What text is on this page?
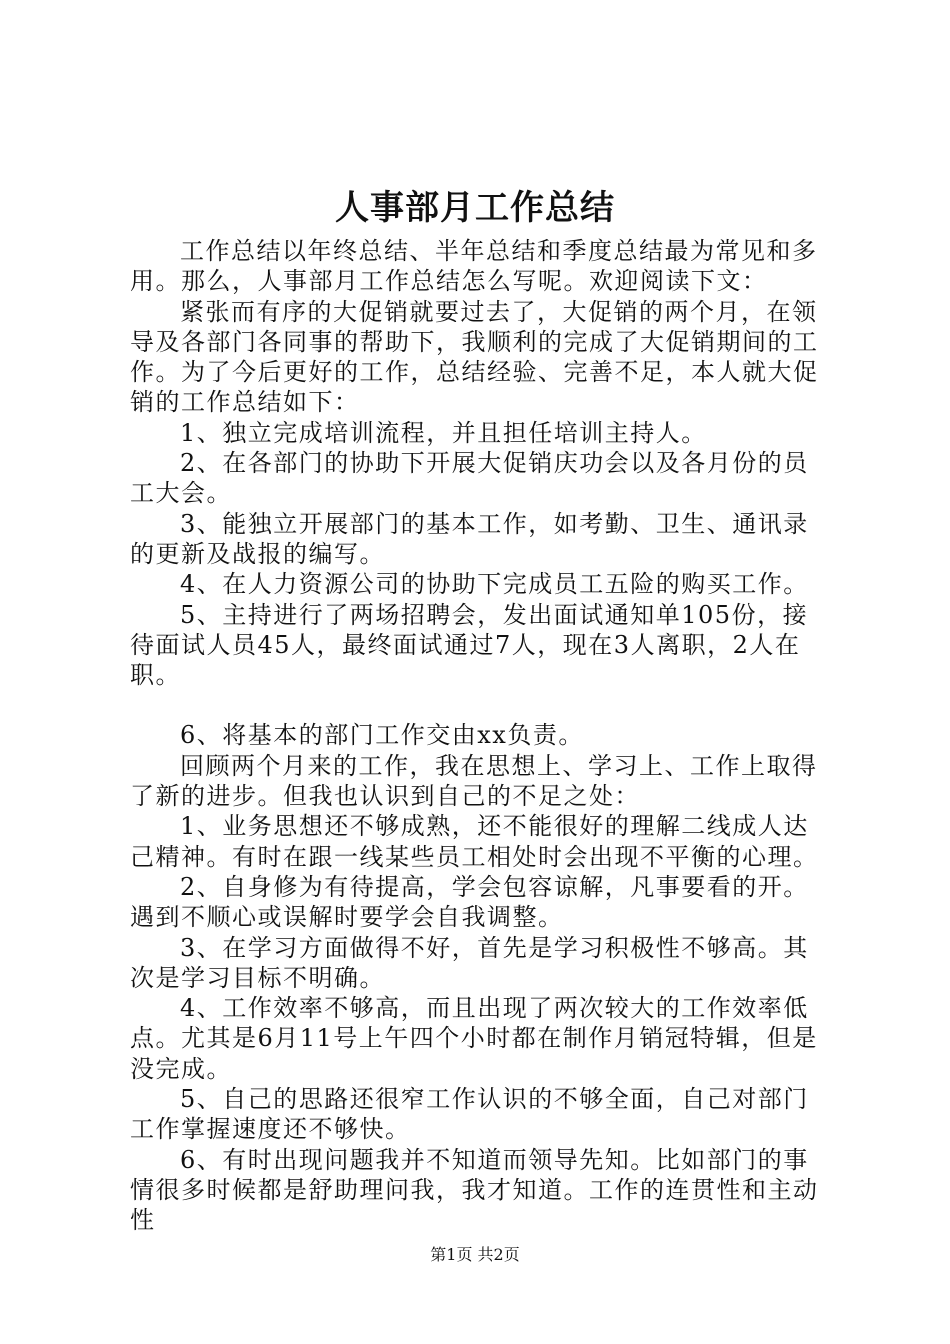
人事部月工作总结

工作总结以年终总结、半年总结和季度总结最为常见和多用。那么，人事部月工作总结怎么写呢。欢迎阅读下文：

紧张而有序的大促销就要过去了，大促销的两个月，在领导及各部门各同事的帮助下，我顺利的完成了大促销期间的工作。为了今后更好的工作，总结经验、完善不足，本人就大促销的工作总结如下：

1、独立完成培训流程，并且担任培训主持人。

2、在各部门的协助下开展大促销庆功会以及各月份的员工大会。

3、能独立开展部门的基本工作，如考勤、卫生、通讯录的更新及战报的编写。

4、在人力资源公司的协助下完成员工五险的购买工作。

5、主持进行了两场招聘会，发出面试通知单105份，接待面试人员45人，最终面试通过7人，现在3人离职，2人在职。

6、将基本的部门工作交由xx负责。

回顾两个月来的工作，我在思想上、学习上、工作上取得了新的进步。但我也认识到自己的不足之处：

1、业务思想还不够成熟，还不能很好的理解二线成人达己精神。有时在跟一线某些员工相处时会出现不平衡的心理。

2、自身修为有待提高，学会包容谅解，凡事要看的开。遇到不顺心或误解时要学会自我调整。

3、在学习方面做得不好，首先是学习积极性不够高。其次是学习目标不明确。

4、工作效率不够高，而且出现了两次较大的工作效率低点。尤其是6月11号上午四个小时都在制作月销冠特辑，但是没完成。

5、自己的思路还很窄工作认识的不够全面，自己对部门工作掌握速度还不够快。

6、有时出现问题我并不知道而领导先知。比如部门的事情很多时候都是舒助理问我，我才知道。工作的连贯性和主动性

第1页 共2页
